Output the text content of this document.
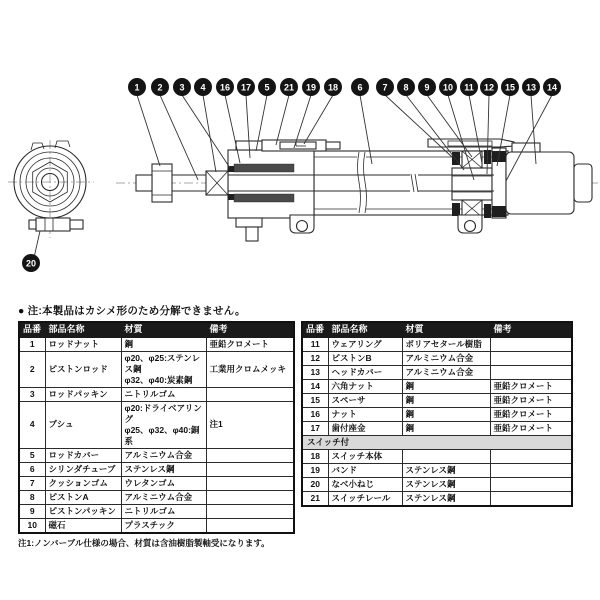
1 2 3 4 16 17 5 21 19 18 6 7 8 9 10 11 12 15 13 14
20
● 注:本製品はカシメ形のため分解できません。
品番	部品名称	材質	備考
1	ロッドナット	鋼	亜鉛クロメート
2	ピストンロッド	φ20、φ25:ステンレス鋼
φ32、φ40:炭素鋼	工業用クロムメッキ
3	ロッドパッキン	ニトリルゴム	
4	ブシュ	φ20:ドライベアリング
φ25、φ32、φ40:銅系	注1
5	ロッドカバー	アルミニウム合金	
6	シリンダチューブ	ステンレス鋼	
7	クッションゴム	ウレタンゴム	
8	ピストンA	アルミニウム合金	
9	ピストンパッキン	ニトリルゴム	
10	磁石	プラスチック	
注1:ノンバーブル仕様の場合、材質は含油樹脂製軸受になります。
品番	部品名称	材質	備考
11	ウェアリング	ポリアセタール樹脂	
12	ピストンB	アルミニウム合金	
13	ヘッドカバー	アルミニウム合金	
14	六角ナット	鋼	亜鉛クロメート
15	スペーサ	鋼	亜鉛クロメート
16	ナット	鋼	亜鉛クロメート
17	歯付座金	鋼	亜鉛クロメート
スイッチ付			
18	スイッチ本体		
19	バンド	ステンレス鋼	
20	なべ小ねじ	ステンレス鋼	
21	スイッチレール	ステンレス鋼	
